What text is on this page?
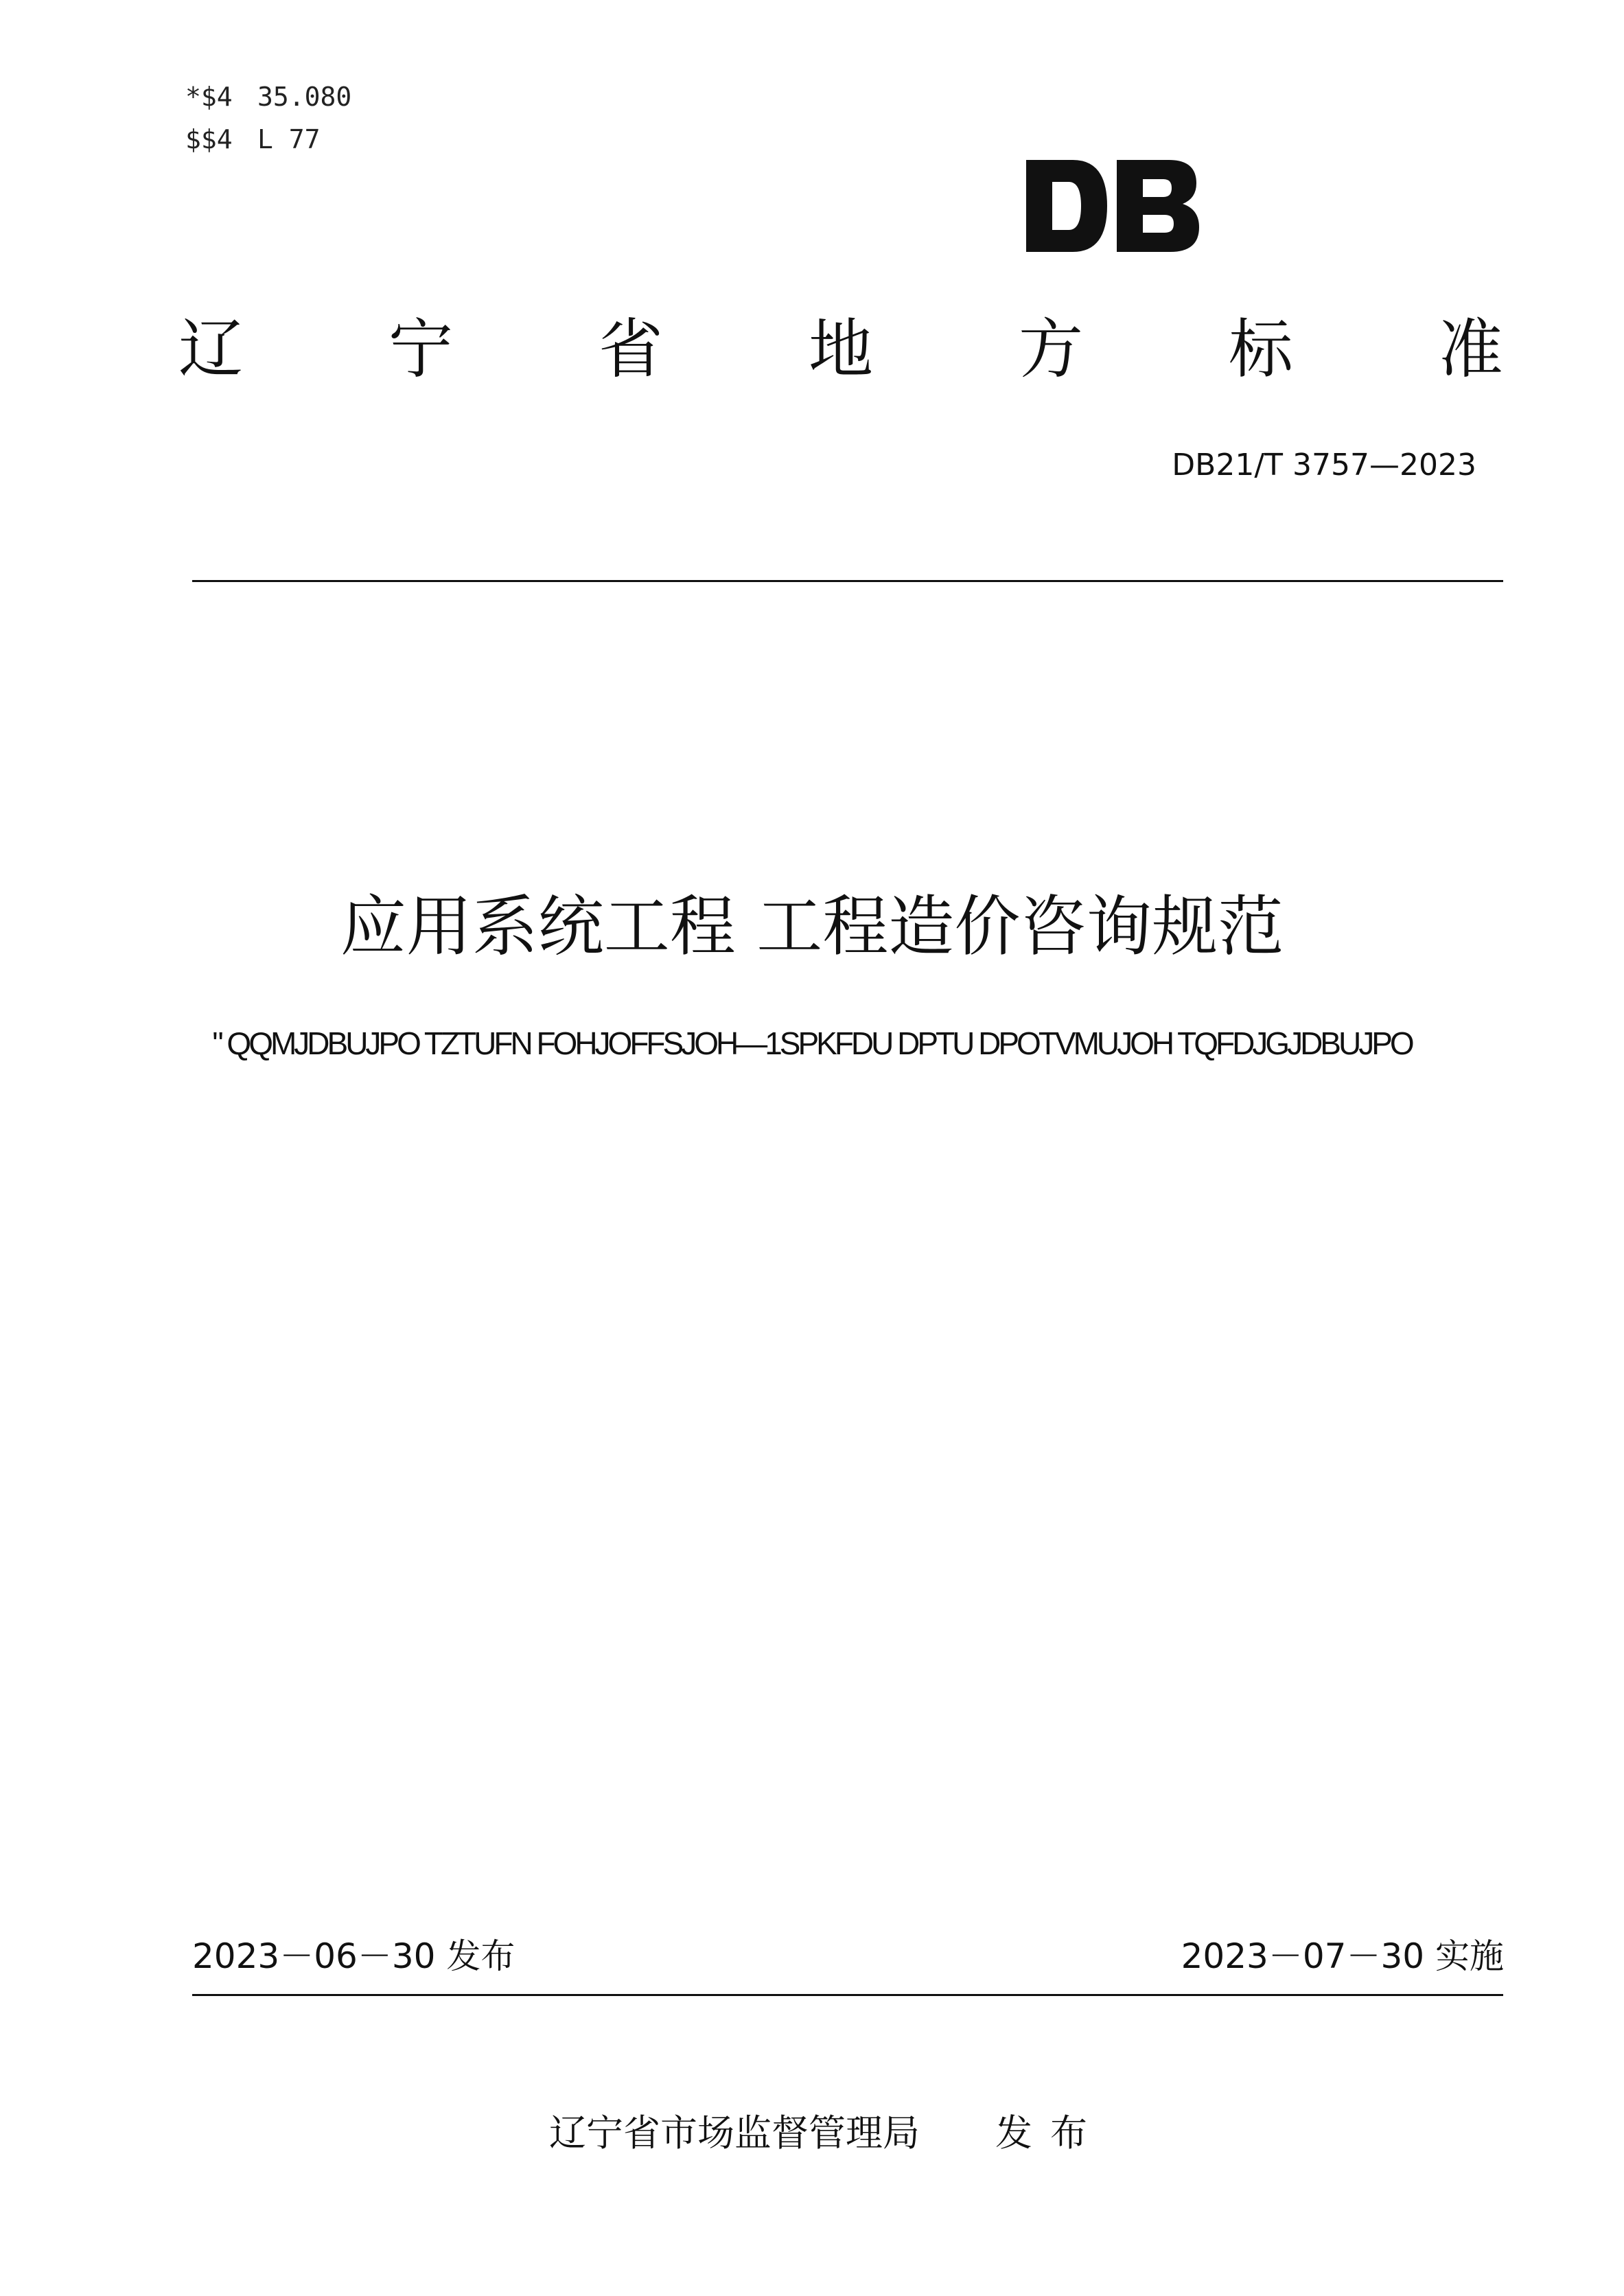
*$4 35.080
$$4 L 77
辽 宁 省 地 方 标 准
DB21/T 3757—2023
应用系统工程 工程造价咨询规范
" QQMJDBUJPO TZTUFN FOHJOFFSJOH—1SPKFDU DPTU DPOTVMUJOH TQFDJGJDBUJPO
2023－06－30 发布	2023－07－30 实施
辽宁省市场监督管理局 发布
